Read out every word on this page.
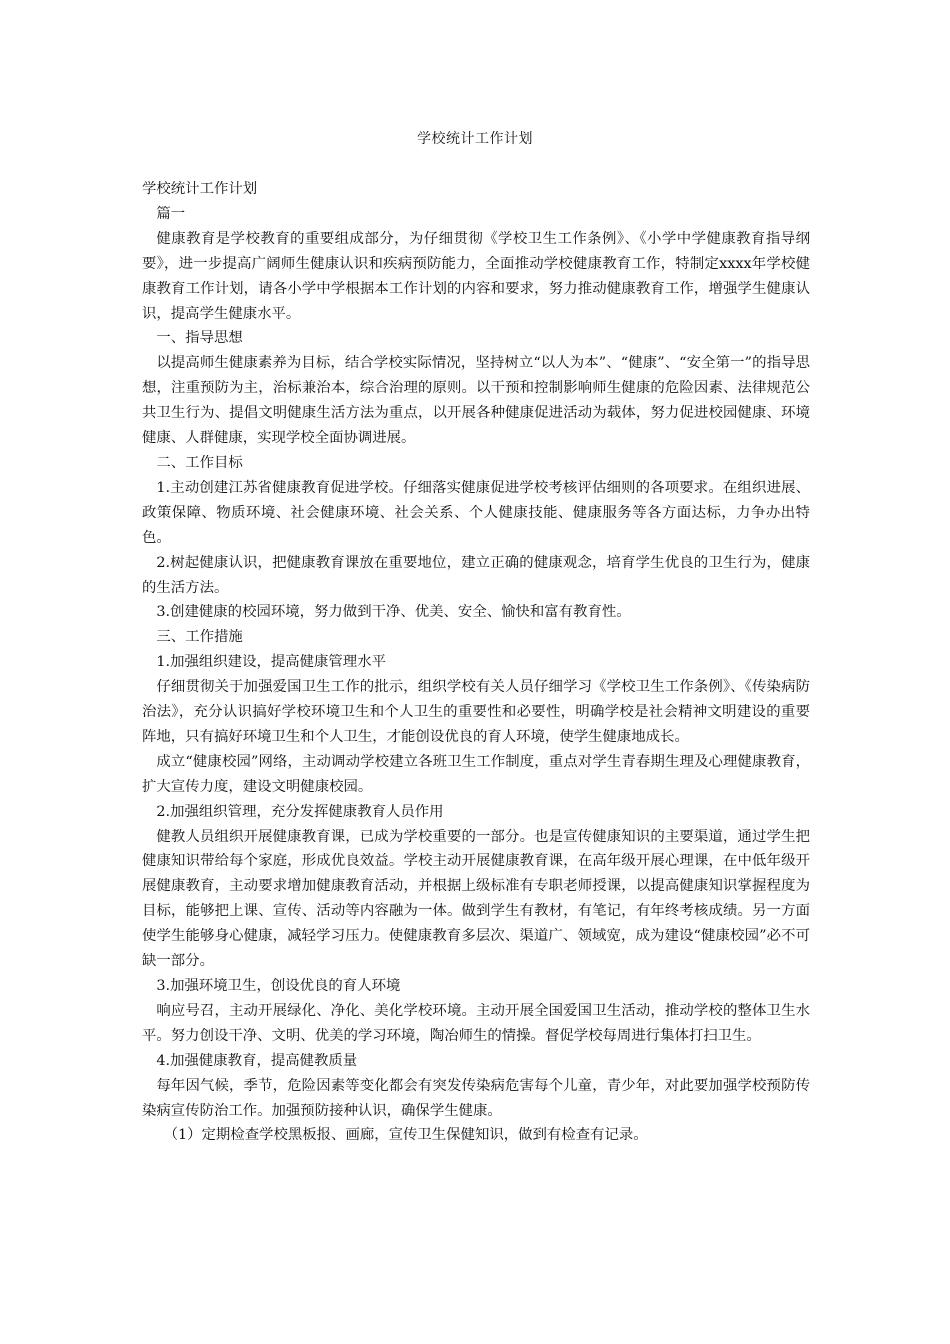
学校统计工作计划

学校统计工作计划

篇一

健康教育是学校教育的重要组成部分，为仔细贯彻《学校卫生工作条例》、《小学中学健康教育指导纲要》，进一步提高广阔师生健康认识和疾病预防能力，全面推动学校健康教育工作，特制定xxxx年学校健康教育工作计划，请各小学中学根据本工作计划的内容和要求，努力推动健康教育工作，增强学生健康认识，提高学生健康水平。

一、指导思想

以提高师生健康素养为目标，结合学校实际情况，坚持树立“以人为本”、“健康”、“安全第一”的指导思想，注重预防为主，治标兼治本，综合治理的原则。以干预和控制影响师生健康的危险因素、法律规范公共卫生行为、提倡文明健康生活方法为重点，以开展各种健康促进活动为载体，努力促进校园健康、环境健康、人群健康，实现学校全面协调进展。

二、工作目标

1.主动创建江苏省健康教育促进学校。仔细落实健康促进学校考核评估细则的各项要求。在组织进展、政策保障、物质环境、社会健康环境、社会关系、个人健康技能、健康服务等各方面达标，力争办出特色。

2.树起健康认识，把健康教育课放在重要地位，建立正确的健康观念，培育学生优良的卫生行为，健康的生活方法。

3.创建健康的校园环境，努力做到干净、优美、安全、愉快和富有教育性。

三、工作措施

1.加强组织建设，提高健康管理水平

仔细贯彻关于加强爱国卫生工作的批示，组织学校有关人员仔细学习《学校卫生工作条例》、《传染病防治法》，充分认识搞好学校环境卫生和个人卫生的重要性和必要性，明确学校是社会精神文明建设的重要阵地，只有搞好环境卫生和个人卫生，才能创设优良的育人环境，使学生健康地成长。

成立“健康校园”网络，主动调动学校建立各班卫生工作制度，重点对学生青春期生理及心理健康教育，扩大宣传力度，建设文明健康校园。

2.加强组织管理，充分发挥健康教育人员作用

健教人员组织开展健康教育课，已成为学校重要的一部分。也是宣传健康知识的主要渠道，通过学生把健康知识带给每个家庭，形成优良效益。学校主动开展健康教育课，在高年级开展心理课，在中低年级开展健康教育，主动要求增加健康教育活动，并根据上级标准有专职老师授课，以提高健康知识掌握程度为目标，能够把上课、宣传、活动等内容融为一体。做到学生有教材，有笔记，有年终考核成绩。另一方面使学生能够身心健康，减轻学习压力。使健康教育多层次、渠道广、领域宽，成为建设“健康校园”必不可缺一部分。

3.加强环境卫生，创设优良的育人环境

响应号召，主动开展绿化、净化、美化学校环境。主动开展全国爱国卫生活动，推动学校的整体卫生水平。努力创设干净、文明、优美的学习环境，陶冶师生的情操。督促学校每周进行集体打扫卫生。

4.加强健康教育，提高健教质量

每年因气候，季节，危险因素等变化都会有突发传染病危害每个儿童，青少年，对此要加强学校预防传染病宣传防治工作。加强预防接种认识，确保学生健康。

（1）定期检查学校黑板报、画廊，宣传卫生保健知识，做到有检查有记录。
